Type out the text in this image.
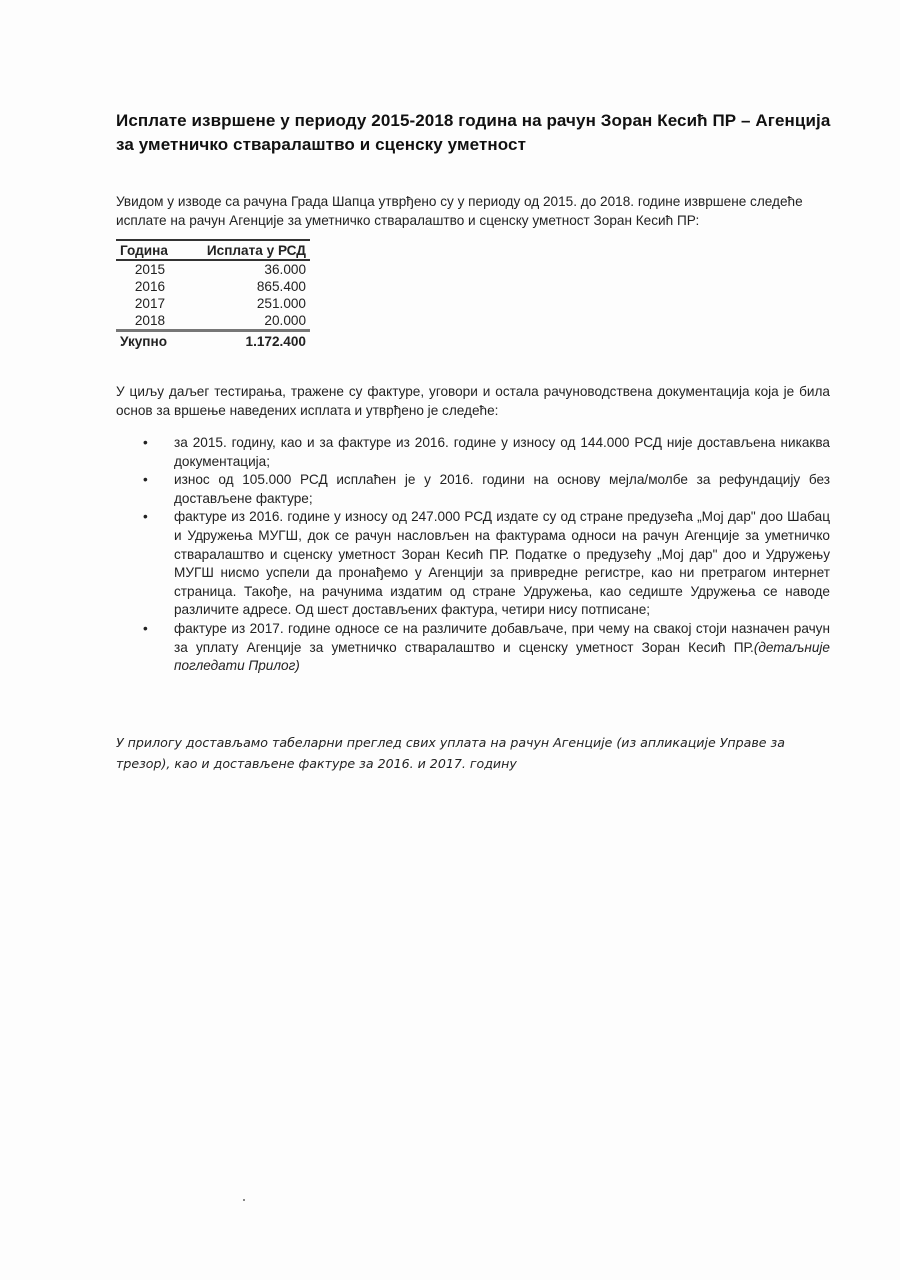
Исплате извршене у периоду 2015-2018 година на рачун Зоран Кесић ПР – Агенција за уметничко стваралаштво и сценску уметност
Увидом у изводе са рачуна Града Шапца утврђено су у периоду од 2015. до 2018. године извршене следеће исплате на рачун Агенције за уметничко стваралаштво и сценску уметност Зоран Кесић ПР:
Година	Исплата у РСД
2015	36.000
2016	865.400
2017	251.000
2018	20.000
Укупно	1.172.400
У циљу даљег тестирања, тражене су фактуре, уговори и остала рачуноводствена документација која је била основ за вршење наведених исплата и утврђено је следеће:
• за 2015. годину, као и за фактуре из 2016. године у износу од 144.000 РСД није достављена никаква документација;
• износ од 105.000 РСД исплаћен је у 2016. години на основу мејла/молбе за рефундацију без достављене фактуре;
• фактуре из 2016. године у износу од 247.000 РСД издате су од стране предузећа „Мој дар" доо Шабац и Удружења МУГШ, док се рачун насловљен на фактурама односи на рачун Агенције за уметничко стваралаштво и сценску уметност Зоран Кесић ПР. Податке о предузећу „Мој дар" доо и Удружењу МУГШ нисмо успели да пронађемо у Агенцији за привредне регистре, као ни претрагом интернет страница. Такође, на рачунима издатим од стране Удружења, као седиште Удружења се наводе различите адресе. Од шест достављених фактура, четири нису потписане;
• фактуре из 2017. године односе се на различите добављаче, при чему на свакој стоји назначен рачун за уплату Агенције за уметничко стваралаштво и сценску уметност Зоран Кесић ПР.(детаљније погледати Прилог)
У прилогу достављамо табеларни преглед свих уплата на рачун Агенције (из апликације Управе за трезор), као и достављене фактуре за 2016. и 2017. годину
